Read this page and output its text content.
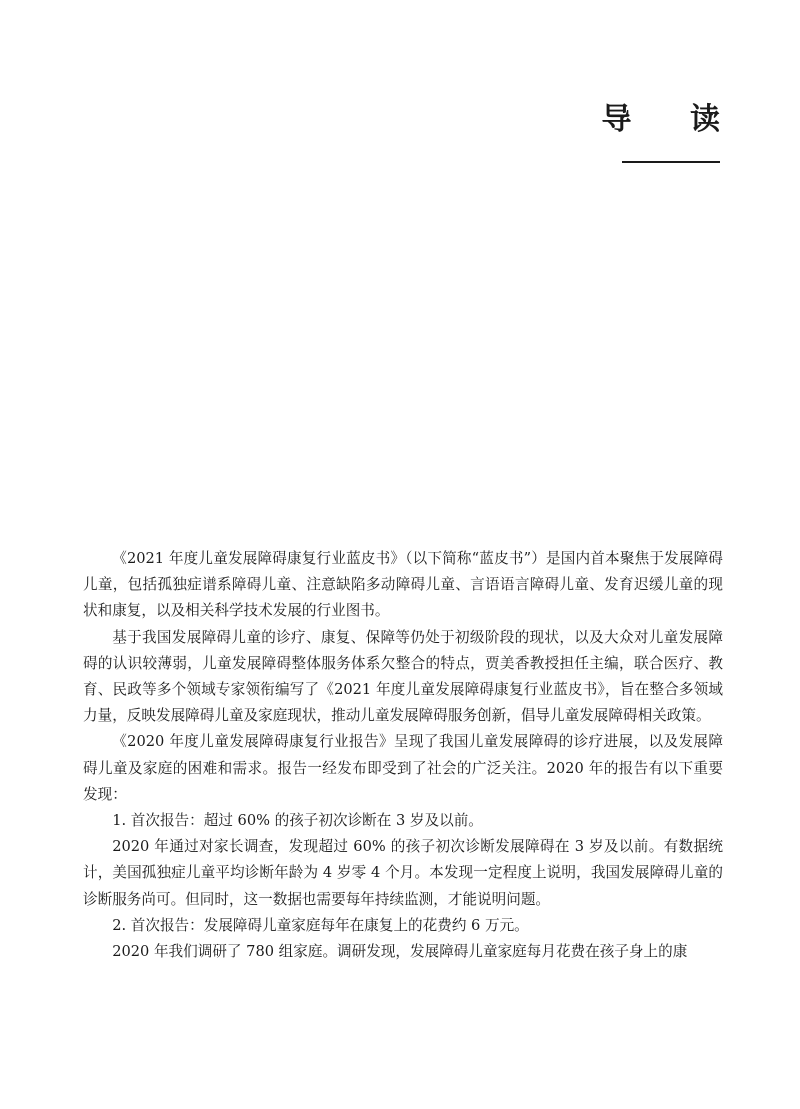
导 读

《2021 年度儿童发展障碍康复行业蓝皮书》（以下简称“蓝皮书”）是国内首本聚焦于发展障碍儿童，包括孤独症谱系障碍儿童、注意缺陷多动障碍儿童、言语语言障碍儿童、发育迟缓儿童的现状和康复，以及相关科学技术发展的行业图书。

基于我国发展障碍儿童的诊疗、康复、保障等仍处于初级阶段的现状，以及大众对儿童发展障碍的认识较薄弱，儿童发展障碍整体服务体系欠整合的特点，贾美香教授担任主编，联合医疗、教育、民政等多个领域专家领衔编写了《2021 年度儿童发展障碍康复行业蓝皮书》，旨在整合多领域力量，反映发展障碍儿童及家庭现状，推动儿童发展障碍服务创新，倡导儿童发展障碍相关政策。

《2020 年度儿童发展障碍康复行业报告》呈现了我国儿童发展障碍的诊疗进展，以及发展障碍儿童及家庭的困难和需求。报告一经发布即受到了社会的广泛关注。2020 年的报告有以下重要发现：

1. 首次报告：超过 60% 的孩子初次诊断在 3 岁及以前。

2020 年通过对家长调查，发现超过 60% 的孩子初次诊断发展障碍在 3 岁及以前。有数据统计，美国孤独症儿童平均诊断年龄为 4 岁零 4 个月。本发现一定程度上说明，我国发展障碍儿童的诊断服务尚可。但同时，这一数据也需要每年持续监测，才能说明问题。

2. 首次报告：发展障碍儿童家庭每年在康复上的花费约 6 万元。

2020 年我们调研了 780 组家庭。调研发现，发展障碍儿童家庭每月花费在孩子身上的康
